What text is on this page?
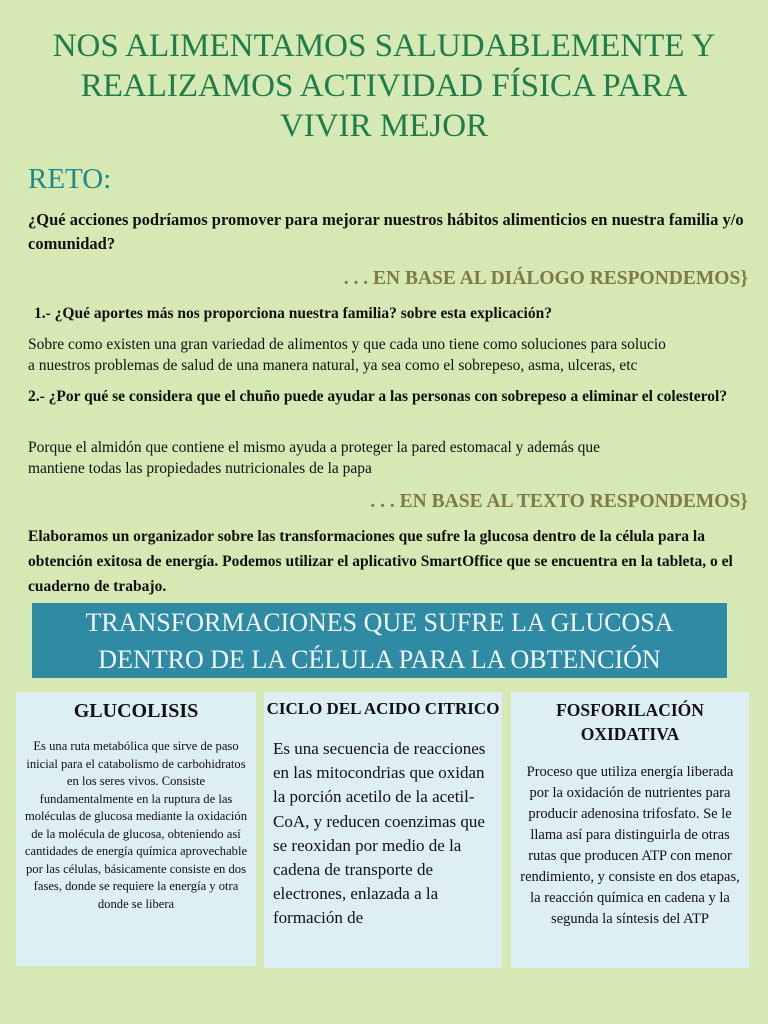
NOS ALIMENTAMOS SALUDABLEMENTE Y
REALIZAMOS ACTIVIDAD FÍSICA PARA
VIVIR MEJOR
RETO:
¿Qué acciones podríamos promover para mejorar nuestros hábitos alimenticios en nuestra familia y/o comunidad?
. . . EN BASE AL DIÁLOGO RESPONDEMOS}
1.- ¿Qué aportes más nos proporciona nuestra familia? sobre esta explicación?
Sobre como existen una gran variedad de alimentos y que cada uno tiene como soluciones para solucio
a nuestros problemas de salud de una manera natural, ya sea como el sobrepeso, asma, ulceras, etc
2.- ¿Por qué se considera que el chuño puede ayudar a las personas con sobrepeso a eliminar el colesterol?
Porque el almidón que contiene el mismo ayuda a proteger la pared estomacal y además que
mantiene todas las propiedades nutricionales de la papa
. . . EN BASE AL TEXTO RESPONDEMOS}
Elaboramos un organizador sobre las transformaciones que sufre la glucosa dentro de la célula para la obtención exitosa de energía. Podemos utilizar el aplicativo SmartOffice que se encuentra en la tableta, o el cuaderno de trabajo.
TRANSFORMACIONES QUE SUFRE LA GLUCOSA
DENTRO DE LA CÉLULA PARA LA OBTENCIÓN
GLUCOLISIS

Es una ruta metabólica que sirve de paso inicial para el catabolismo de carbohidratos en los seres vivos. Consiste fundamentalmente en la ruptura de las moléculas de glucosa mediante la oxidación de la molécula de glucosa, obteniendo así cantidades de energía química aprovechable por las células, básicamente consiste en dos fases, donde se requiere la energía y otra donde se libera

CICLO DEL ACIDO CITRICO

Es una secuencia de reacciones en las mitocondrias que oxidan la porción acetilo de la acetil-CoA, y reducen coenzimas que se reoxidan por medio de la cadena de transporte de electrones, enlazada a la formación de

FOSFORILACIÓN OXIDATIVA

Proceso que utiliza energía liberada por la oxidación de nutrientes para producir adenosina trifosfato. Se le llama así para distinguirla de otras rutas que producen ATP con menor rendimiento, y consiste en dos etapas, la reacción química en cadena y la segunda la síntesis del ATP
